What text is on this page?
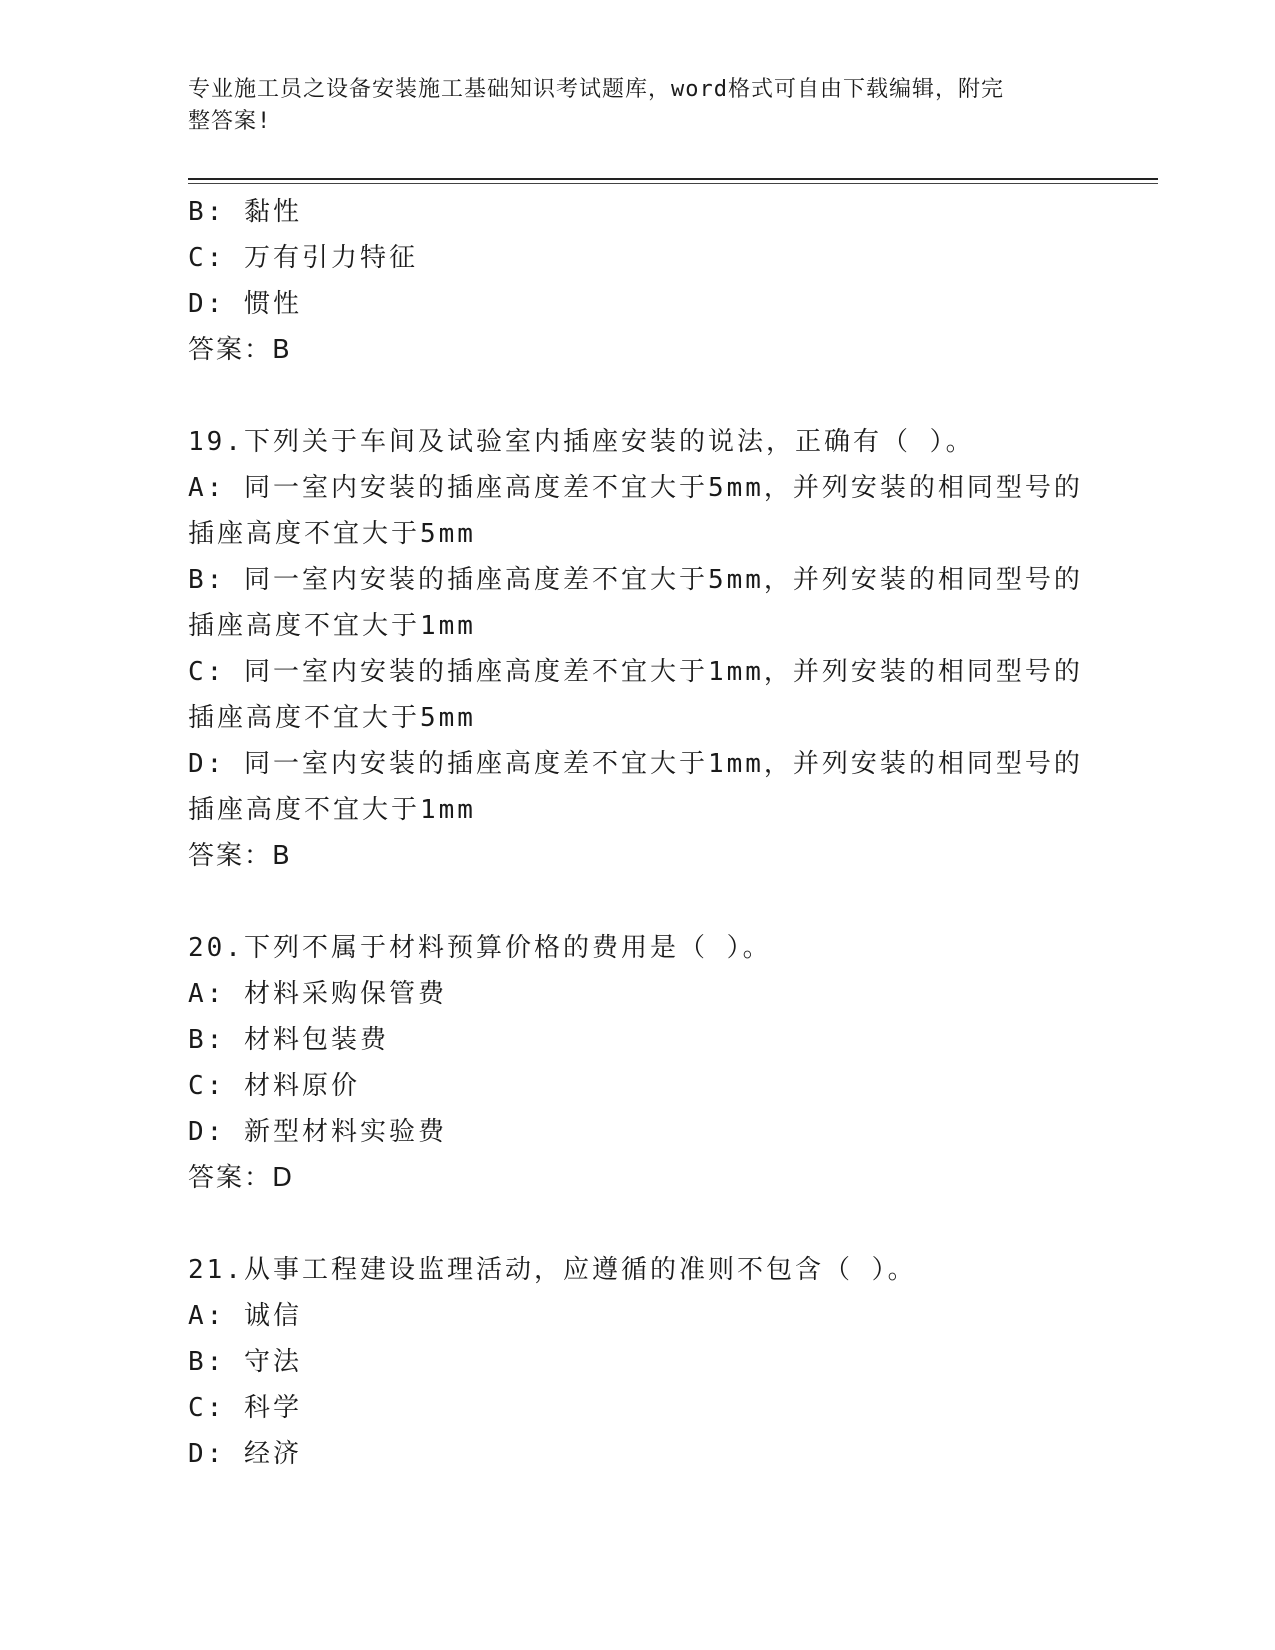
专业施工员之设备安装施工基础知识考试题库，word格式可自由下载编辑，附完
整答案!
B: 黏性
C: 万有引力特征
D: 惯性
答案：B
19.下列关于车间及试验室内插座安装的说法，正确有（ ）。
A: 同一室内安装的插座高度差不宜大于5mm，并列安装的相同型号的
插座高度不宜大于5mm
B: 同一室内安装的插座高度差不宜大于5mm，并列安装的相同型号的
插座高度不宜大于1mm
C: 同一室内安装的插座高度差不宜大于1mm，并列安装的相同型号的
插座高度不宜大于5mm
D: 同一室内安装的插座高度差不宜大于1mm，并列安装的相同型号的
插座高度不宜大于1mm
答案：B
20.下列不属于材料预算价格的费用是（ ）。
A: 材料采购保管费
B: 材料包装费
C: 材料原价
D: 新型材料实验费
答案：D
21.从事工程建设监理活动，应遵循的准则不包含（ ）。
A: 诚信
B: 守法
C: 科学
D: 经济
